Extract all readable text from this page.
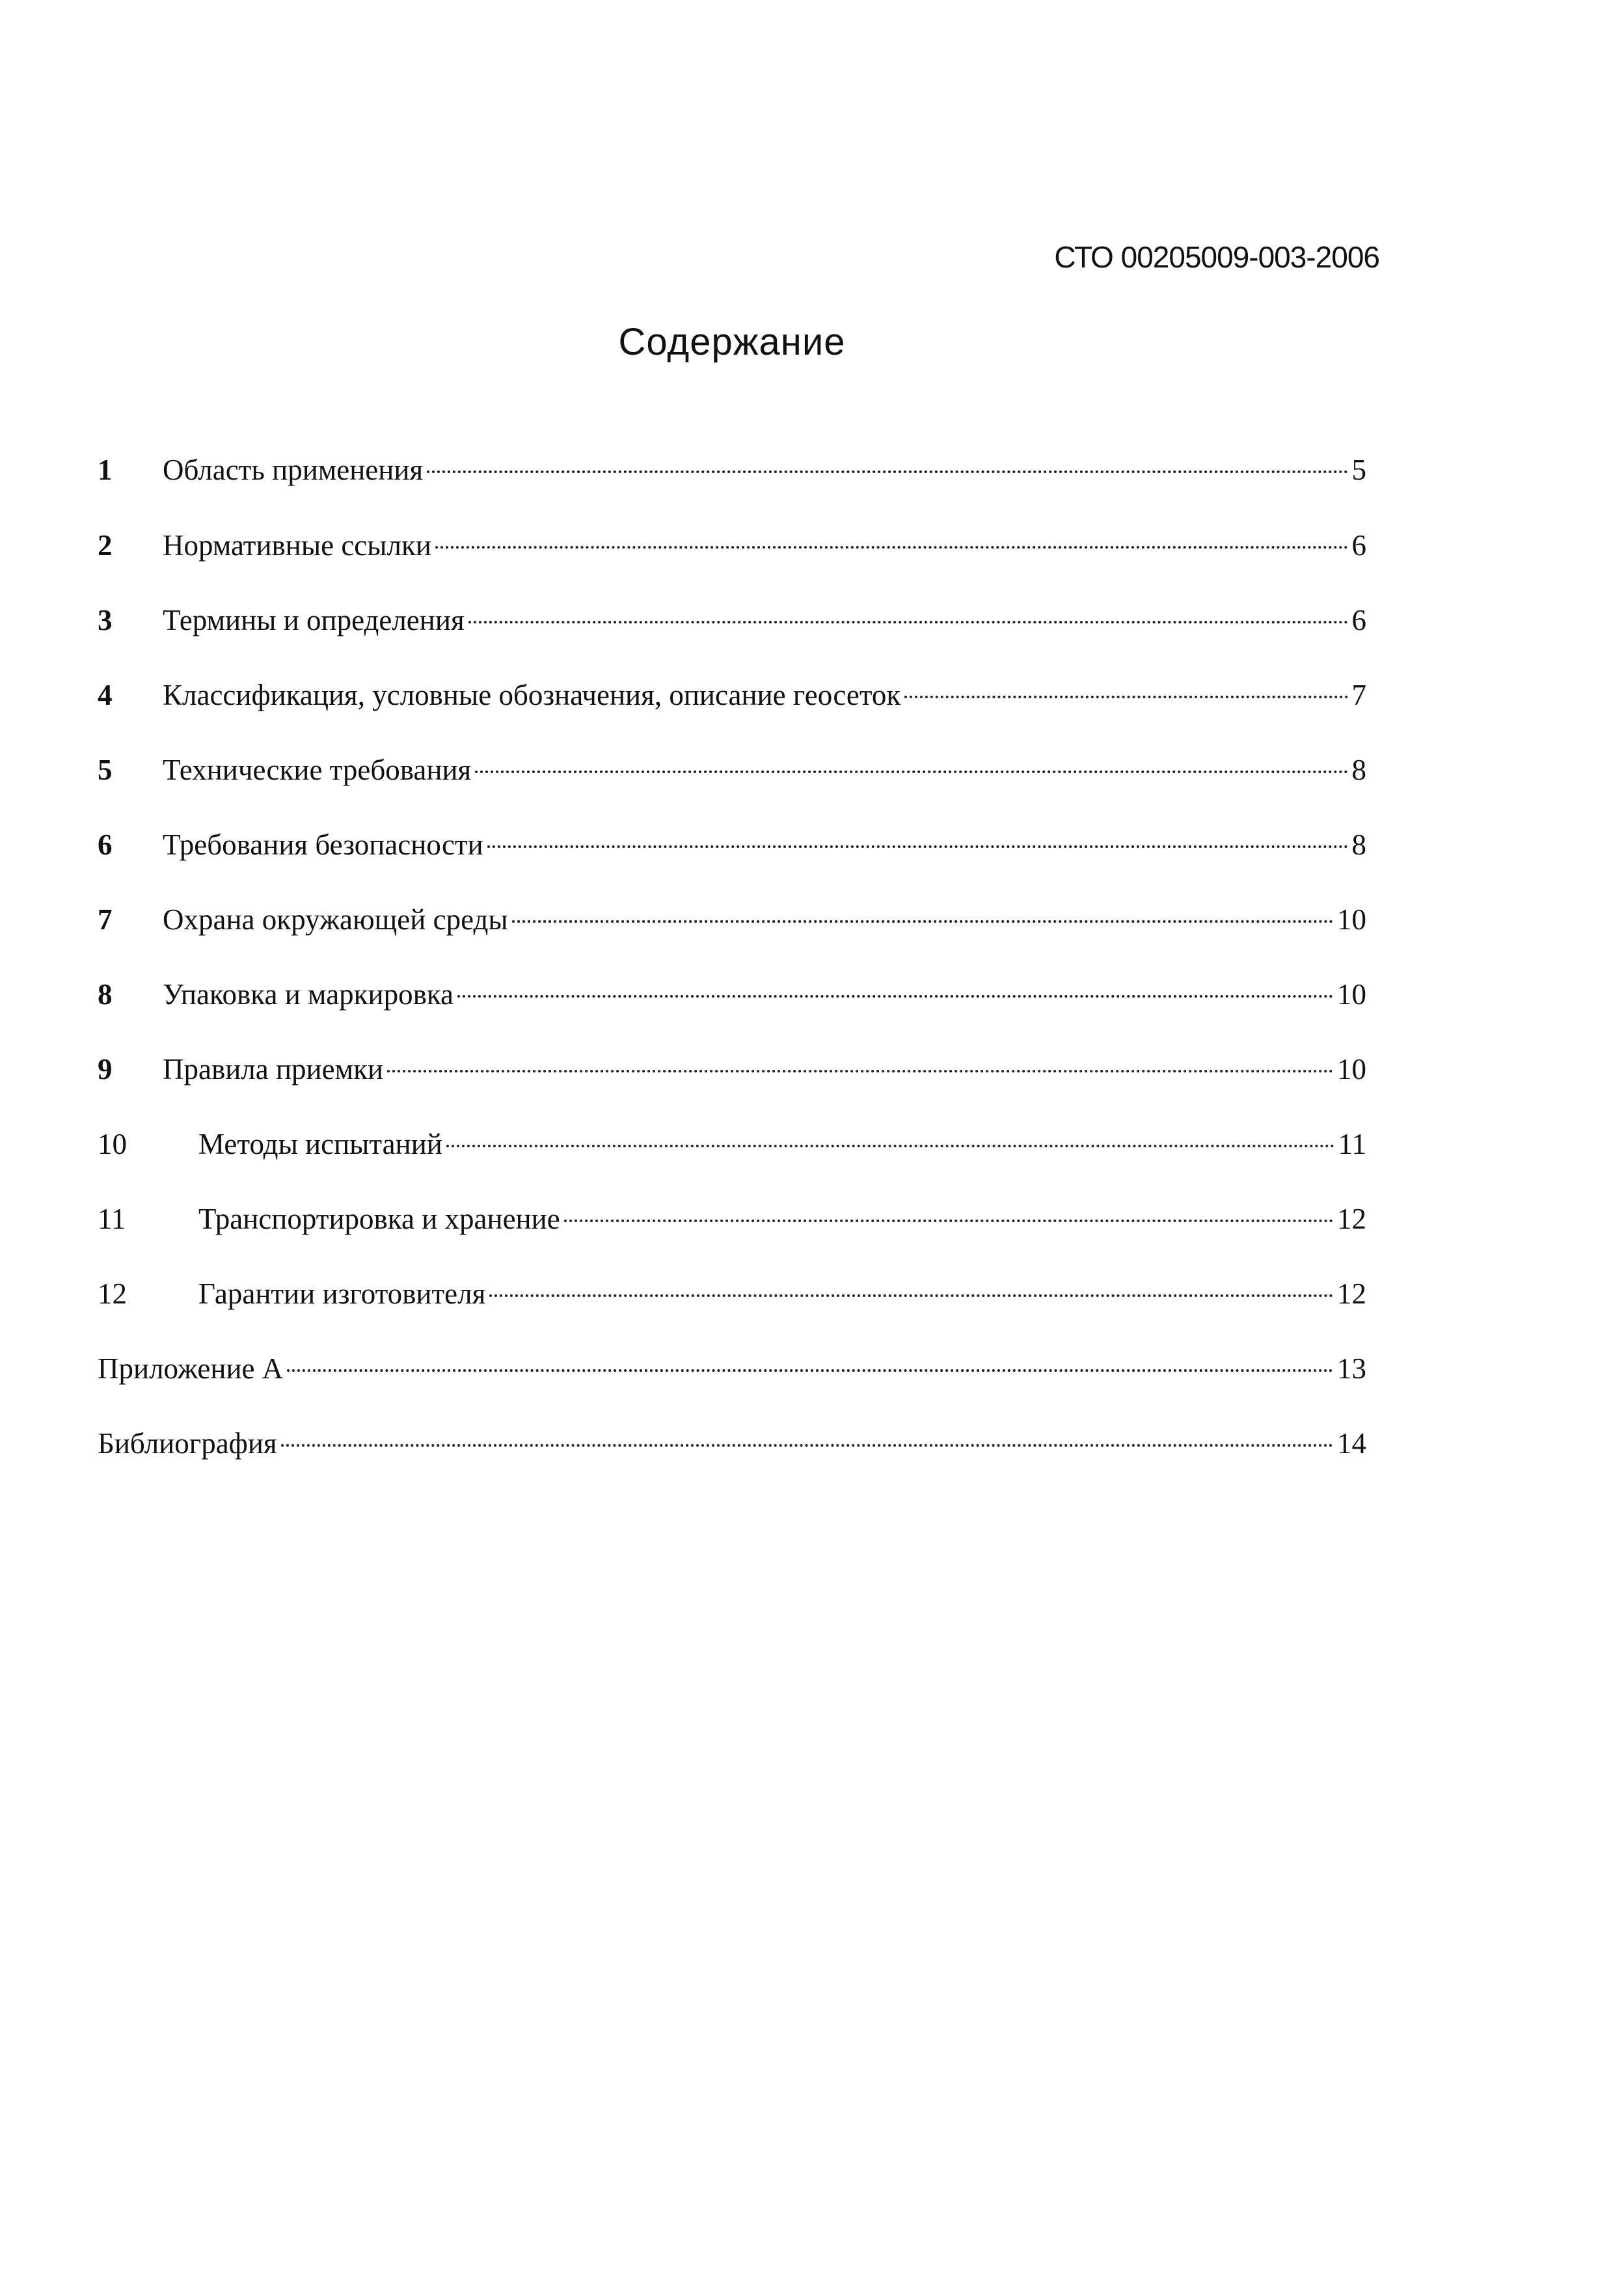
СТО 00205009-003-2006
Содержание
1 Область применения	5
2 Нормативные ссылки	6
3 Термины и определения	6
4 Классификация, условные обозначения, описание геосеток	7
5 Технические требования	8
6 Требования безопасности	8
7 Охрана окружающей среды	10
8 Упаковка и маркировка	10
9 Правила приемки	10
10 Методы испытаний	11
11 Транспортировка и хранение	12
12 Гарантии изготовителя	12
Приложение А	13
Библиография	14
